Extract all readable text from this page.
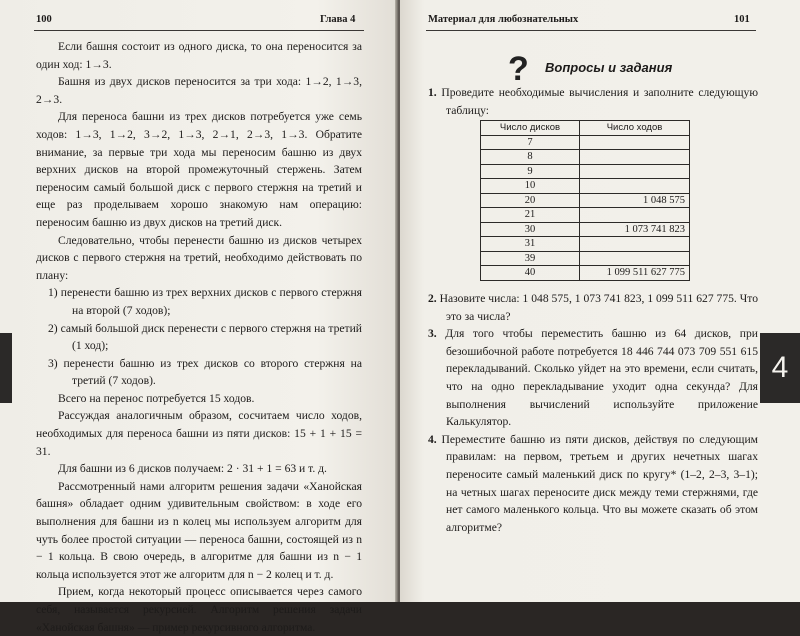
100	Глава 4

Если башня состоит из одного диска, то она переносится за один ход: 1→3.

Башня из двух дисков переносится за три хода: 1→2, 1→3, 2→3.

Для переноса башни из трех дисков потребуется уже семь ходов: 1→3, 1→2, 3→2, 1→3, 2→1, 2→3, 1→3. Обратите внимание, за первые три хода мы переносим башню из двух верхних дисков на второй промежуточный стержень. Затем переносим самый большой диск с первого стержня на третий и еще раз проделываем хорошо знакомую нам операцию: переносим башню из двух дисков на третий диск.

Следовательно, чтобы перенести башню из дисков четырех дисков с первого стержня на третий, необходимо действовать по плану:

1) перенести башню из трех верхних дисков с первого стержня на второй (7 ходов);

2) самый большой диск перенести с первого стержня на третий (1 ход);

3) перенести башню из трех дисков со второго стержня на третий (7 ходов).

Всего на перенос потребуется 15 ходов.

Рассуждая аналогичным образом, сосчитаем число ходов, необходимых для переноса башни из пяти дисков: 15 + 1 + 15 = 31.

Для башни из 6 дисков получаем: 2 · 31 + 1 = 63 и т. д.

Рассмотренный нами алгоритм решения задачи «Ханойская башня» обладает одним удивительным свойством: в ходе его выполнения для башни из n колец мы используем алгоритм для чуть более простой ситуации — переноса башни, состоящей из n − 1 кольца. В свою очередь, в алгоритме для башни из n − 1 кольца используется этот же алгоритм для n − 2 колец и т. д.

Прием, когда некоторый процесс описывается через самого себя, называется рекурсией. Алгоритм решения задачи «Ханойская башня» — пример рекурсивного алгоритма.

Материал для любознательных	101
? Вопросы и задания

1. Проведите необходимые вычисления и заполните следующую таблицу:

Число дисков	Число ходов
7	
8	
9	
10	
20	1 048 575
21	
30	1 073 741 823
31	
39	
40	1 099 511 627 775

2. Назовите числа: 1 048 575, 1 073 741 823, 1 099 511 627 775. Что это за числа?

3. Для того чтобы переместить башню из 64 дисков, при безошибочной работе потребуется 18 446 744 073 709 551 615 перекладываний. Сколько уйдет на это времени, если считать, что на одно перекладывание уходит одна секунда? Для выполнения вычислений используйте приложение Калькулятор.

4. Переместите башню из пяти дисков, действуя по следующим правилам: на первом, третьем и других нечетных шагах переносите самый маленький диск по кругу* (1–2, 2–3, 3–1); на четных шагах переносите диск между теми стержнями, где нет самого маленького кольца. Что вы можете сказать об этом алгоритме?

4
